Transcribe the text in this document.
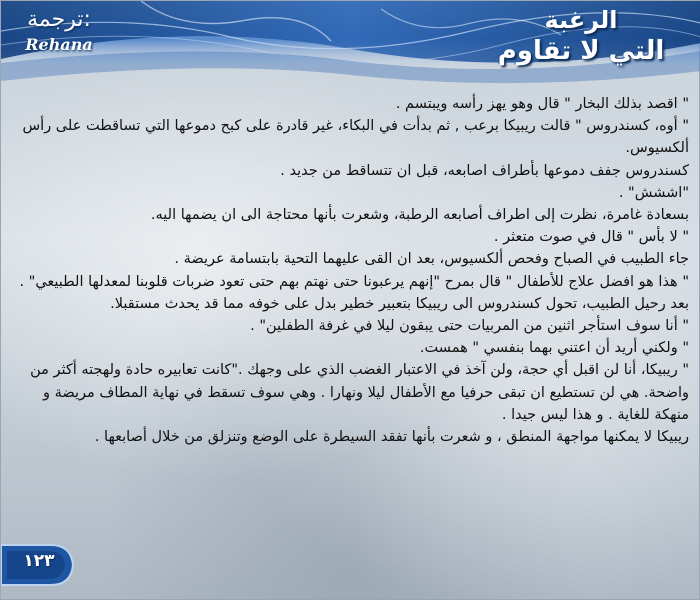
ترجمة:
Rehana
الرغبة
التي لا تقاوم

" اقصد بذلك البخار " قال وهو يهز رأسه ويبتسم .

" أوه، كسندروس " قالت ريبيكا برعب , ثم بدأت في البكاء، غير قادرة على كبح دموعها التي تساقطت على رأس ألكسيوس.

كسندروس جفف دموعها بأطراف اصابعه، قبل ان تتساقط من جديد .

"اششش" .

بسعادة غامرة، نظرت إلى اطراف أصابعه الرطبة، وشعرت بأنها محتاجة الى ان يضمها اليه.

" لا بأس " قال في صوت متعثر .

جاء الطبيب في الصباح وفحص ألكسيوس، بعد ان القى عليهما التحية بابتسامة عريضة .

" هذا هو افضل علاج للأطفال " قال بمرح "إنهم يرعبونا حتى نهتم بهم حتى تعود ضربات قلوبنا لمعدلها الطبيعي" .

بعد رحيل الطبيب، تحول كسندروس الى ريبيكا بتعبير خطير بدل على خوفه مما قد يحدث مستقبلا.

" أنا سوف استأجر اثنين من المربيات حتى يبقون ليلا في غرفة الطفلين" .

" ولكني أريد أن اعتني بهما بنفسي " همست.

" ريبيكا، أنا لن اقبل أي حجة، ولن آخذ في الاعتبار الغضب الذي على وجهك ."كانت تعابيره حادة ولهجته أكثر من واضحة. هي لن تستطيع ان تبقى حرفيا مع الأطفال ليلا ونهارا . وهي سوف تسقط في نهاية المطاف مريضة و منهكة للغاية . و هذا ليس جيدا .

ريبيكا لا يمكنها مواجهة المنطق ، و شعرت بأنها تفقد السيطرة على الوضع وتنزلق من خلال أصابعها .

١٢٣
